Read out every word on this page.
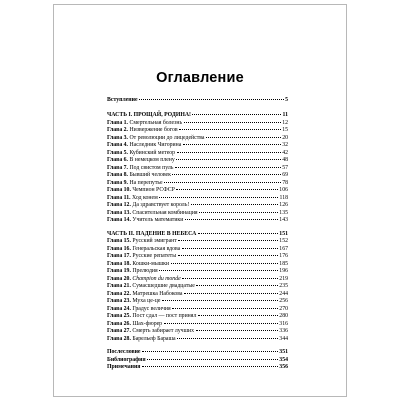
Оглавление
Вступление	5
ЧАСТЬ I. ПРОЩАЙ, РОДИНА!	11
Глава 1. Смертельная болезнь	12
Глава 2. Низвержение богов	15
Глава 3. От революции до лицедейства	20
Глава 4. Наследник Чигорина	32
Глава 5. Кубинский метеор	42
Глава 6. В немецком плену	48
Глава 7. Под свистом пуль	57
Глава 8. Бывший человек	69
Глава 9. На перепутье	78
Глава 10. Чемпион РСФСР	106
Глава 11. Ход конем	118
Глава 12. Да здравствует король!	126
Глава 13. Спасительная комбинация	135
Глава 14. Учитель математики	143
ЧАСТЬ II. ПАДЕНИЕ В НЕБЕСА	151
Глава 15. Русский эмигрант	152
Глава 16. Генеральская вдова	167
Глава 17. Русские репатеты	176
Глава 18. Кошки-мышки	185
Глава 19. Прелюдия	196
Глава 20. Champion du monde	219
Глава 21. Сумасшедшие двадцатые	235
Глава 22. Матрешка Набокова	244
Глава 23. Муха цe-цe	256
Глава 24. Градус величия	270
Глава 25. Пост сдал — пост принял	280
Глава 26. Шах-фюрер	316
Глава 27. Смерть забирает лучших	336
Глава 28. Барельеф Бараша	344
Послесловие	351
Библиография	354
Примечания	356
